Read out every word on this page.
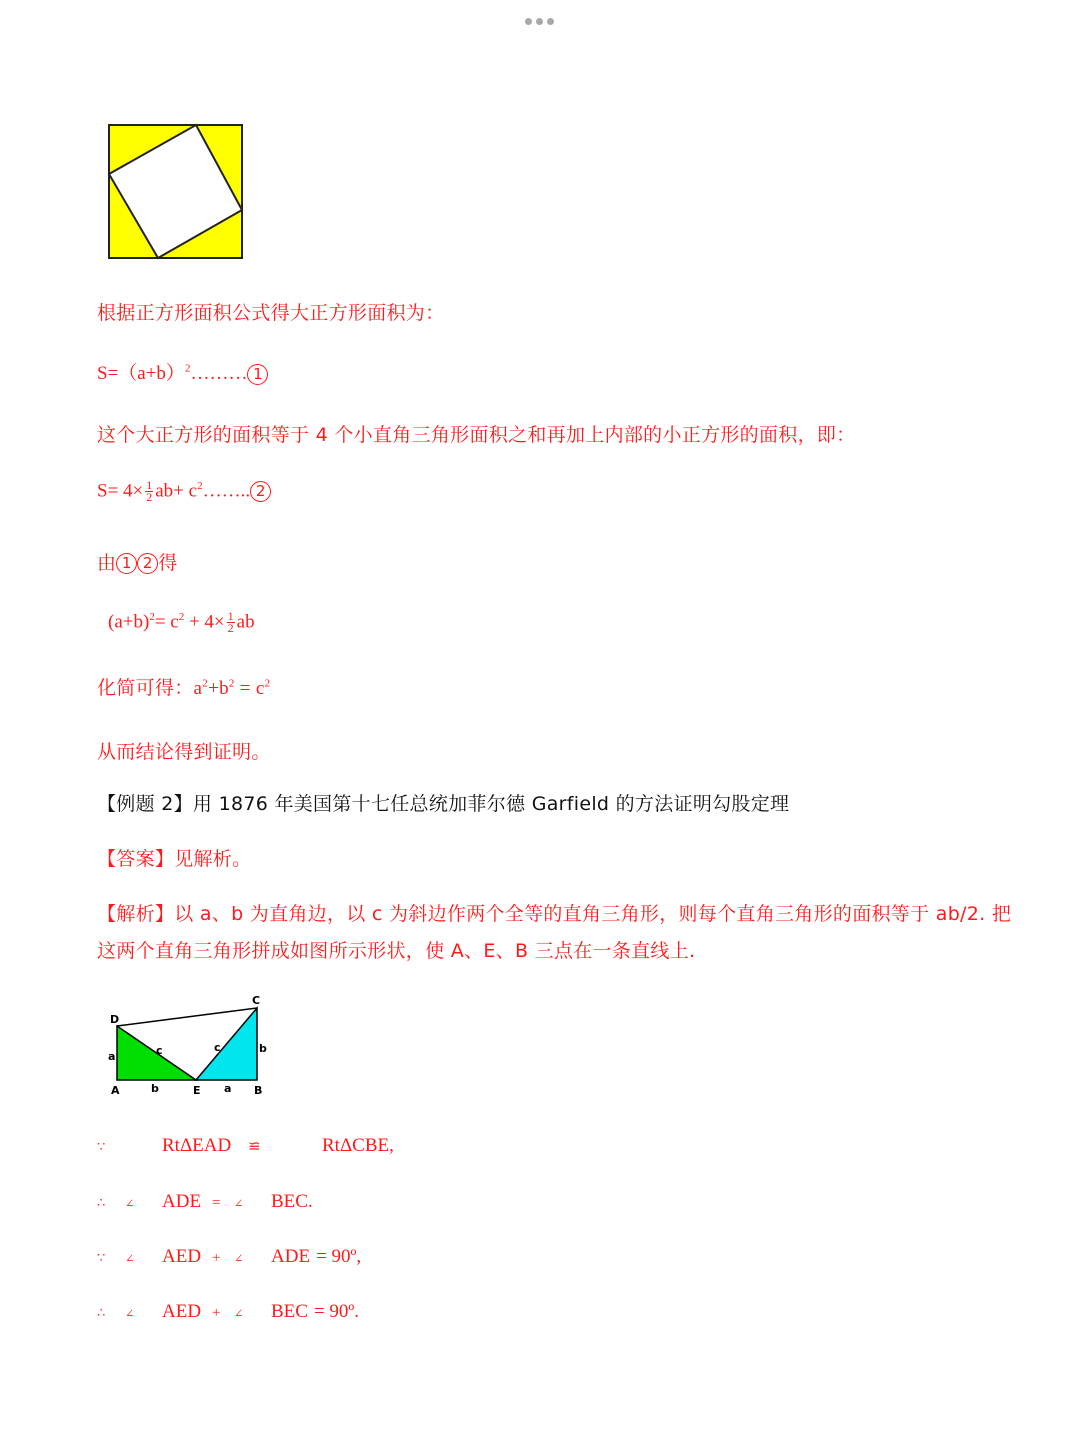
根据正方形面积公式得大正方形面积为：
$S=(a+b)^2\dots\dots\dots$ 1
这个大正方形的面积等于 4 个小直角三角形面积之和再加上内部的小正方形的面积，即：
$S= 4\times \frac{1}{2} ab+$ $c^2\dots\dots$.. 2
由 1 2 得
$(a+b)^2= c^2 + 4\times \frac{1}{2}$ ab
化简可得：$a^2+b^2 = c^2$
从而结论得到证明。
【例题 2】用 1876 年美国第十七任总统加菲尔德 Garfield 的方法证明勾股定理
【答案】见解析。
【解析】以 a、b 为直角边，以 c 为斜边作两个全等的直角三角形，则每个直角三角形的面积等于 ab/2. 把
这两个直角三角形拼成如图所示形状，使 A、E、B 三点在一条直线上.
D
C
A	E	B
a	c
b
c	b
a
∵	RtΔEAD ≌	RtΔCBE,
∴ ∠ ADE = ∠ BEC.
∵ ∠ AED + ∠ ADE = 90º,
∴ ∠ AED + ∠ BEC = 90º.
